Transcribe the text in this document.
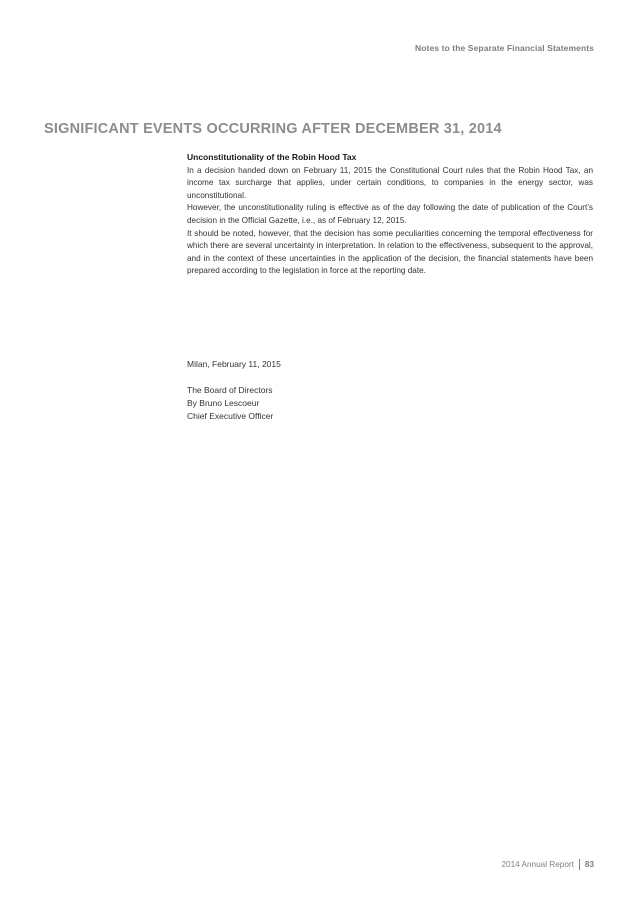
Notes to the Separate Financial Statements
SIGNIFICANT EVENTS OCCURRING AFTER DECEMBER 31, 2014

Unconstitutionality of the Robin Hood Tax

In a decision handed down on February 11, 2015 the Constitutional Court rules that the Robin Hood Tax, an income tax surcharge that applies, under certain conditions, to companies in the energy sector, was unconstitutional.

However, the unconstitutionality ruling is effective as of the day following the date of publication of the Court’s decision in the Official Gazette, i.e., as of February 12, 2015.

It should be noted, however, that the decision has some peculiarities concerning the temporal effectiveness for which there are several uncertainty in interpretation. In relation to the effectiveness, subsequent to the approval, and in the context of these uncertainties in the application of the decision, the financial statements have been prepared according to the legislation in force at the reporting date.

Milan, February 11, 2015

The Board of Directors

By Bruno Lescoeur

Chief Executive Officer

2014 Annual Report 83
